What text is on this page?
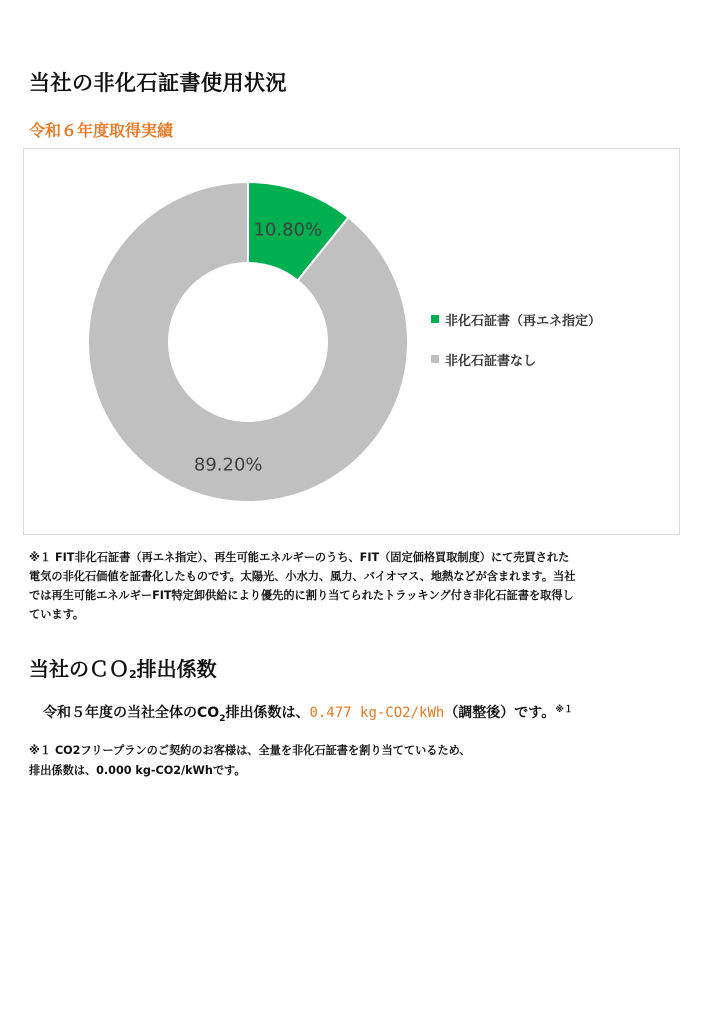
当社の非化石証書使用状況
令和６年度取得実績
10.80%
89.20%
非化石証書（再エネ指定）
非化石証書なし
※１ FIT非化石証書（再エネ指定）、再生可能エネルギーのうち、FIT（固定価格買取制度）にて売買された
電気の非化石価値を証書化したものです。太陽光、小水力、風力、バイオマス、地熱などが含まれます。当社
では再生可能エネルギーFIT特定卸供給により優先的に割り当てられたトラッキング付き非化石証書を取得し
ています。
当社のＣＯ$_2$排出係数
令和５年度の当社全体の$CO_2$排出係数は、0.477 kg-CO2/kWh（調整後）です。$^{※1}$
※１ CO2フリープランのご契約のお客様は、全量を非化石証書を割り当てているため、
排出係数は、0.000 kg-CO2/kWhです。
